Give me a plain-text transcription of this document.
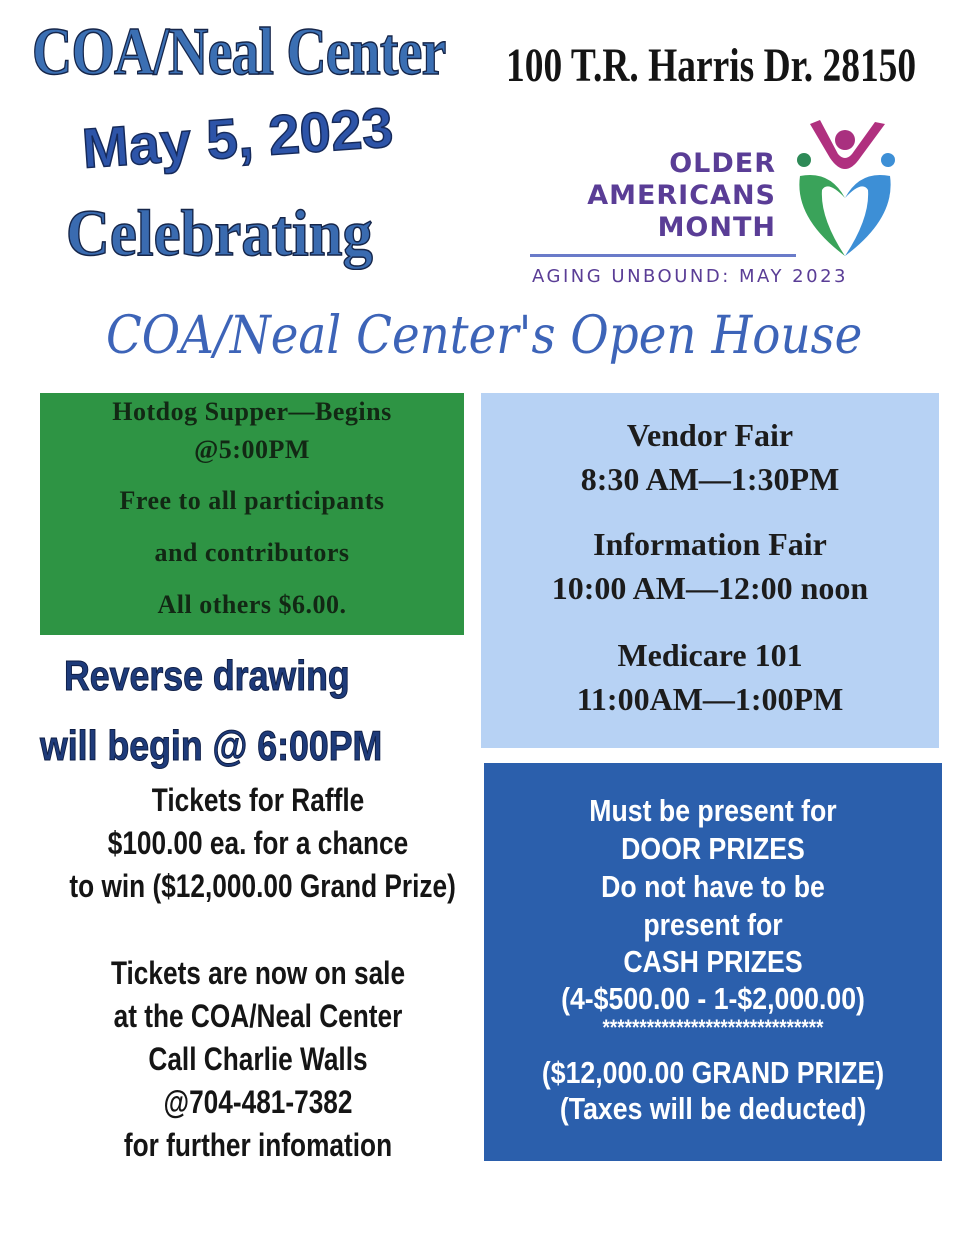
COA/Neal Center 100 T.R. Harris Dr. 28150
May 5, 2023
Celebrating
OLDER
AMERICANS
MONTH
AGING UNBOUND: MAY 2023
COA/Neal Center's Open House

Hotdog Supper—Begins

@5:00PM

Free to all participants

and contributors

All others $6.00.

Vendor Fair

8:30 AM—1:30PM

Information Fair

10:00 AM—12:00 noon

Medicare 101

11:00AM—1:00PM

Reverse drawing
will begin @ 6:00PM

Tickets for Raffle

$100.00 ea. for a chance

to win ($12,000.00 Grand Prize)

Tickets are now on sale

at the COA/Neal Center

Call Charlie Walls

@704-481-7382

for further infomation

Must be present for

DOOR PRIZES

Do not have to be

present for

CASH PRIZES

(4-$500.00 - 1-$2,000.00)

******************************

($12,000.00 GRAND PRIZE)

(Taxes will be deducted)
